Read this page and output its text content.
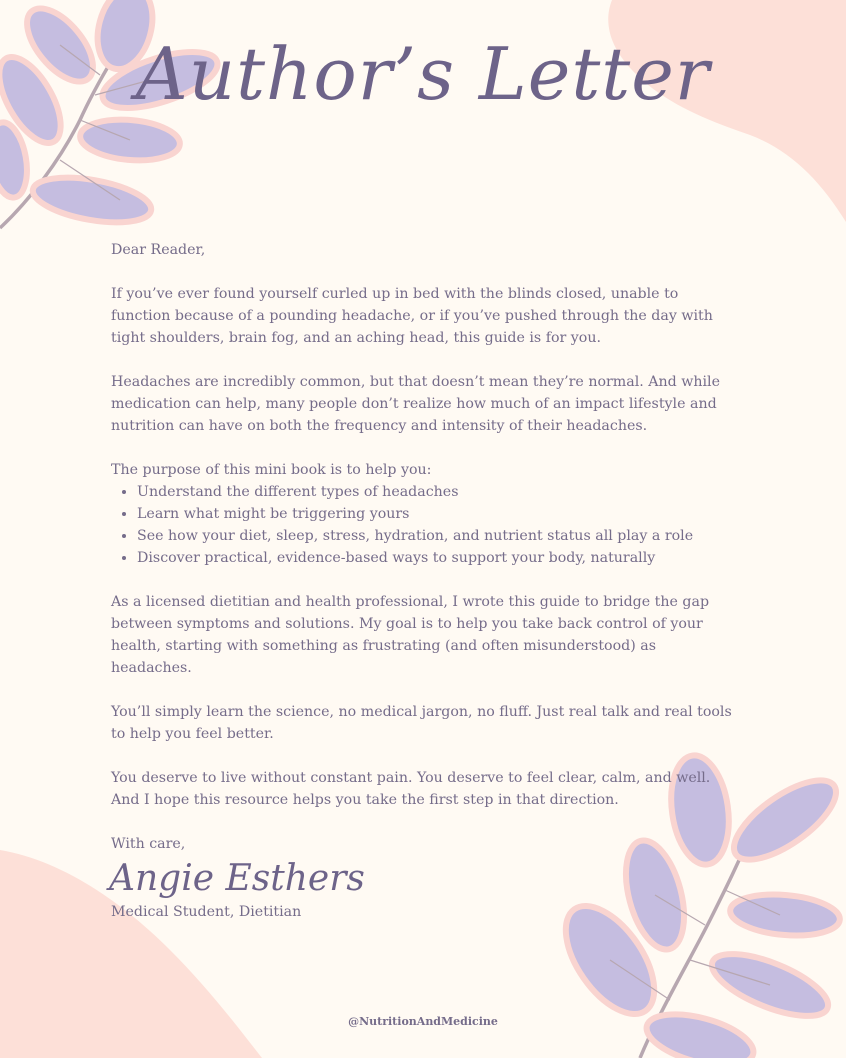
Author’s Letter

Dear Reader,

If you’ve ever found yourself curled up in bed with the blinds closed, unable to function because of a pounding headache, or if you’ve pushed through the day with tight shoulders, brain fog, and an aching head, this guide is for you.

Headaches are incredibly common, but that doesn’t mean they’re normal. And while medication can help, many people don’t realize how much of an impact lifestyle and nutrition can have on both the frequency and intensity of their headaches.

The purpose of this mini book is to help you:

• Understand the different types of headaches
• Learn what might be triggering yours
• See how your diet, sleep, stress, hydration, and nutrient status all play a role
• Discover practical, evidence-based ways to support your body, naturally

As a licensed dietitian and health professional, I wrote this guide to bridge the gap between symptoms and solutions. My goal is to help you take back control of your health, starting with something as frustrating (and often misunderstood) as headaches.

You’ll simply learn the science, no medical jargon, no fluff. Just real talk and real tools to help you feel better.

You deserve to live without constant pain. You deserve to feel clear, calm, and well. And I hope this resource helps you take the first step in that direction.

With care,

Angie Esthers

Medical Student, Dietitian

@NutritionAndMedicine
